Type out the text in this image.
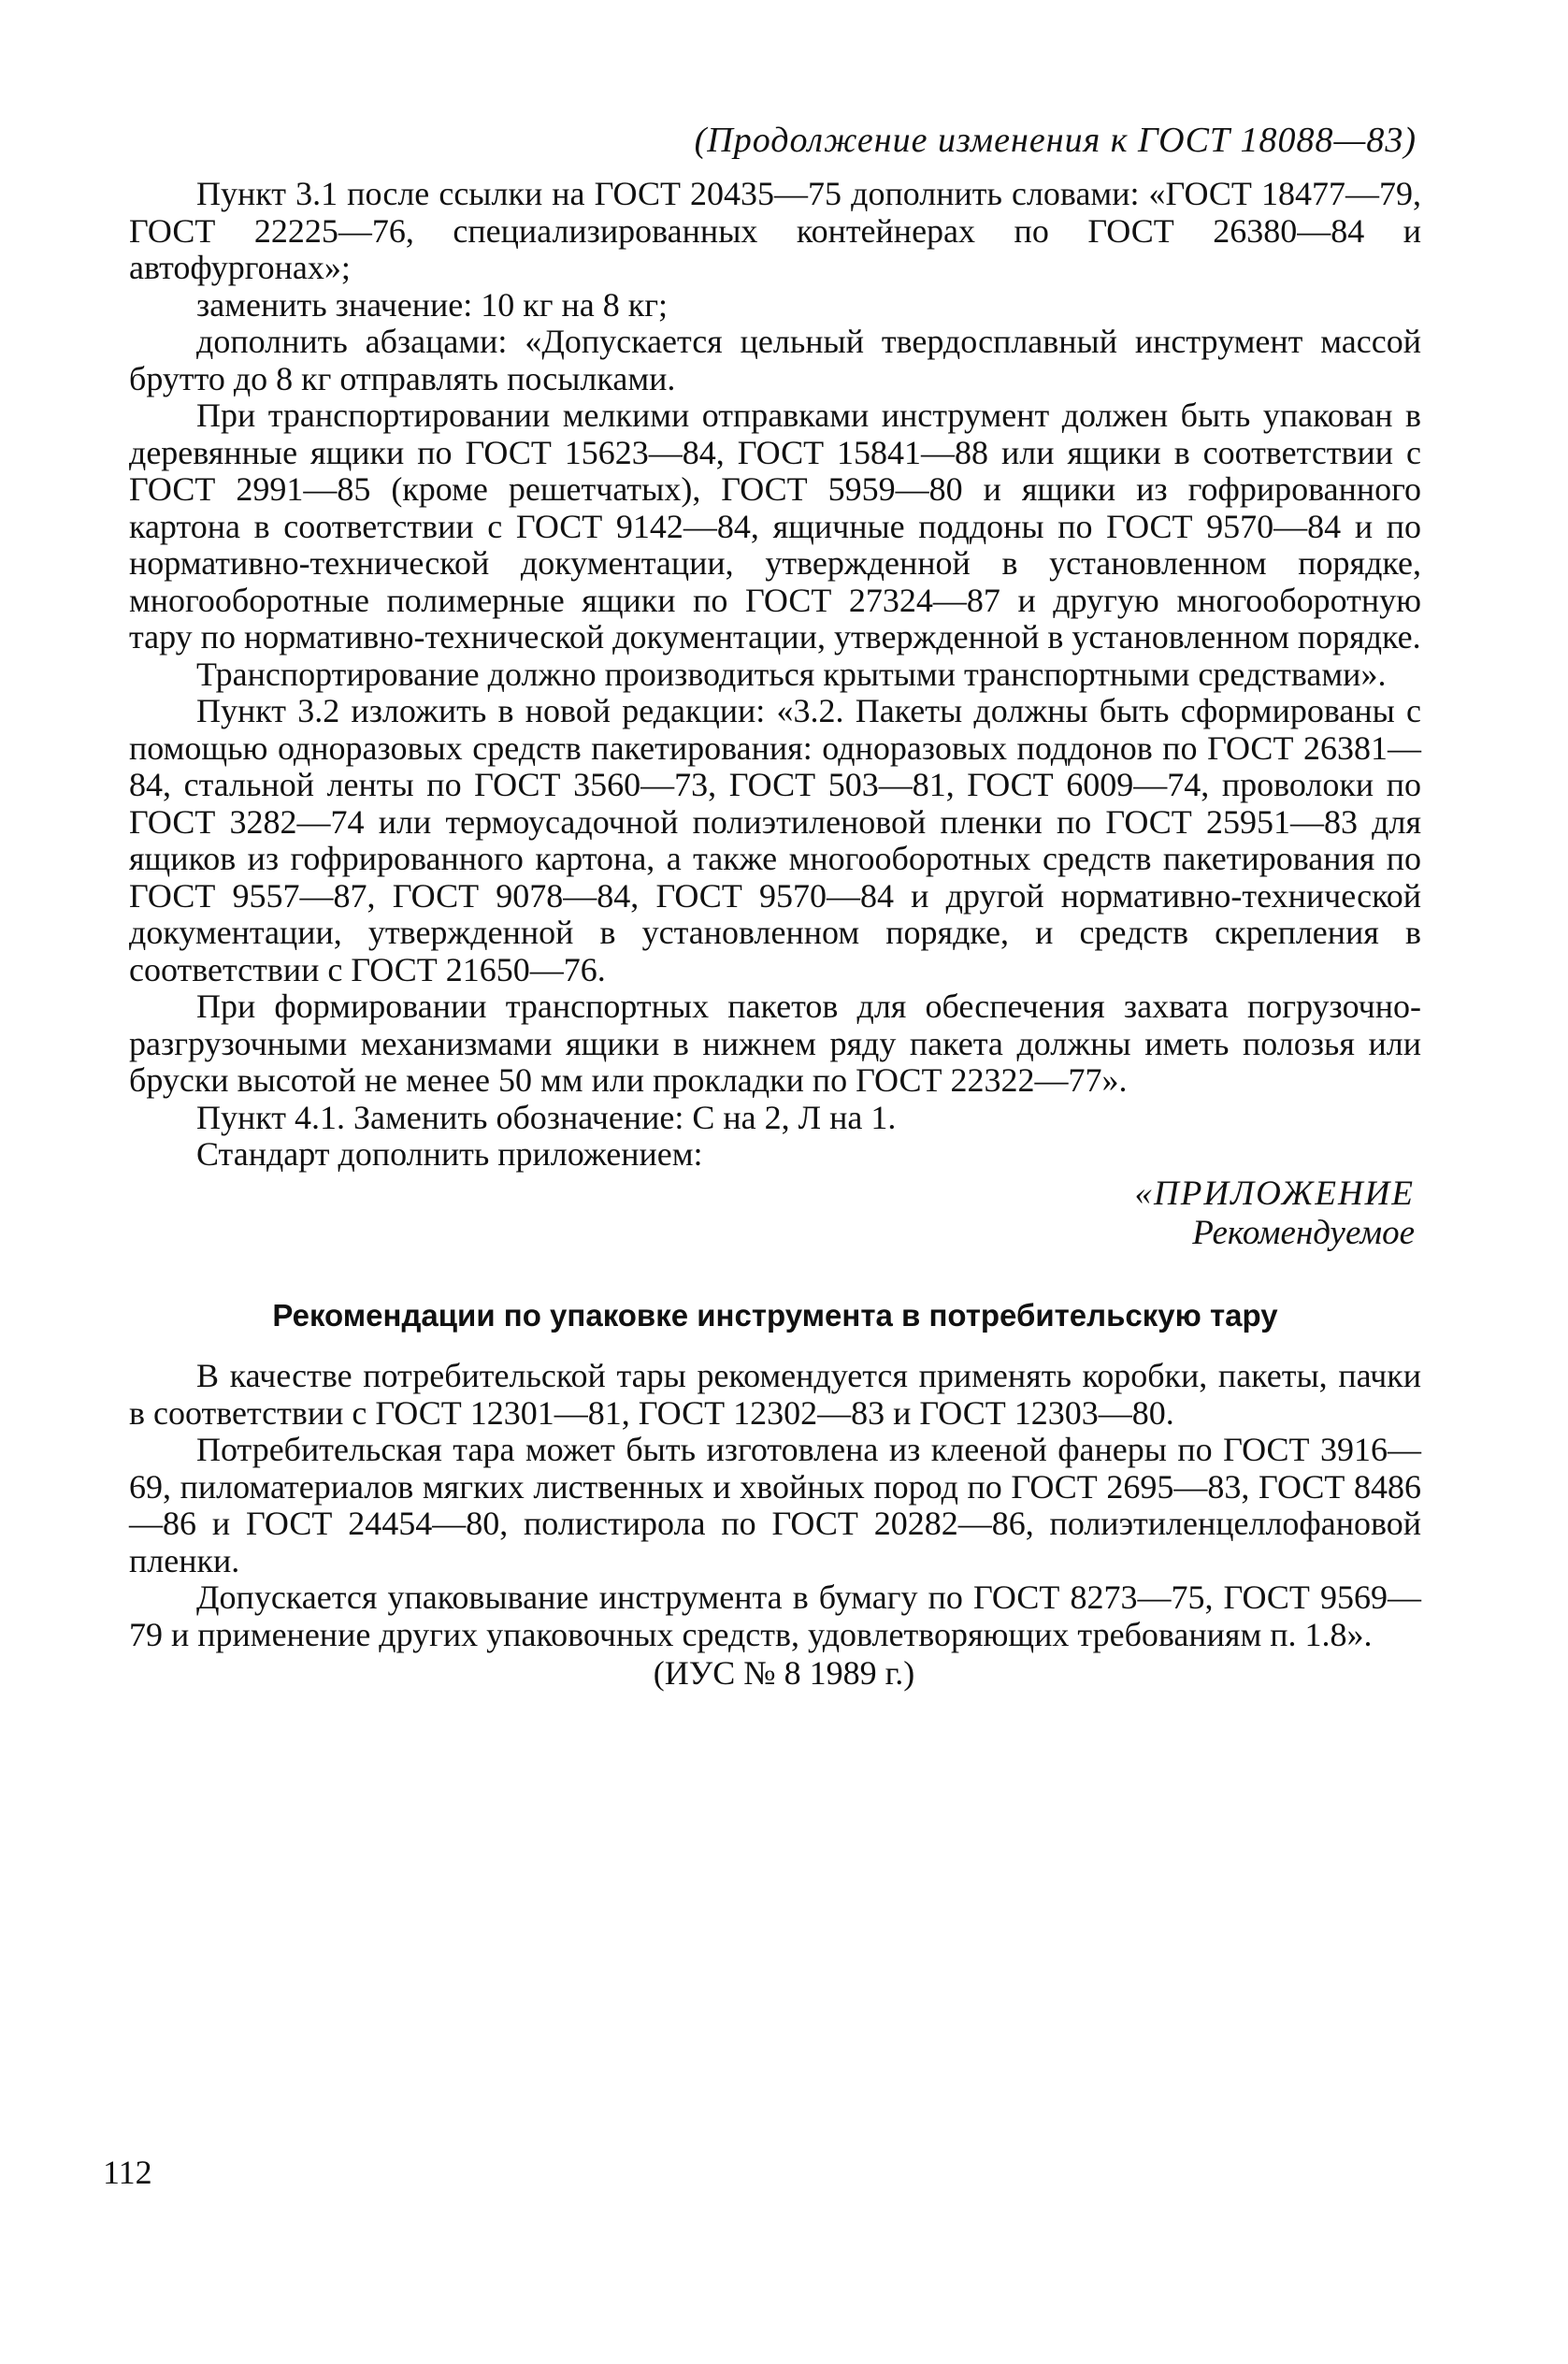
(Продолжение изменения к ГОСТ 18088—83)

Пункт 3.1 после ссылки на ГОСТ 20435—75 дополнить словами: «ГОСТ 18477—79, ГОСТ 22225—76, специализированных контейнерах по ГОСТ 26380—84 и автофургонах»;

заменить значение: 10 кг на 8 кг;

дополнить абзацами: «Допускается цельный твердосплавный инструмент массой брутто до 8 кг отправлять посылками.

При транспортировании мелкими отправками инструмент должен быть упакован в деревянные ящики по ГОСТ 15623—84, ГОСТ 15841—88 или ящики в соответствии с ГОСТ 2991—85 (кроме решетчатых), ГОСТ 5959—80 и ящики из гофрированного картона в соответствии с ГОСТ 9142—84, ящичные поддоны по ГОСТ 9570—84 и по нормативно-технической документации, утвержденной в установленном порядке, многооборотные полимерные ящики по ГОСТ 27324—87 и другую многооборотную тару по нормативно-технической документации, утвержденной в установленном порядке.

Транспортирование должно производиться крытыми транспортными средствами».

Пункт 3.2 изложить в новой редакции: «3.2. Пакеты должны быть сформированы с помощью одноразовых средств пакетирования: одноразовых поддонов по ГОСТ 26381—84, стальной ленты по ГОСТ 3560—73, ГОСТ 503—81, ГОСТ 6009—74, проволоки по ГОСТ 3282—74 или термоусадочной полиэтиленовой пленки по ГОСТ 25951—83 для ящиков из гофрированного картона, а также многооборотных средств пакетирования по ГОСТ 9557—87, ГОСТ 9078—84, ГОСТ 9570—84 и другой нормативно-технической документации, утвержденной в установленном порядке, и средств скрепления в соответствии с ГОСТ 21650—76.

При формировании транспортных пакетов для обеспечения захвата погрузочно-разгрузочными механизмами ящики в нижнем ряду пакета должны иметь полозья или бруски высотой не менее 50 мм или прокладки по ГОСТ 22322—77».

Пункт 4.1. Заменить обозначение: С на 2, Л на 1.

Стандарт дополнить приложением:

«ПРИЛОЖЕНИЕ
Рекомендуемое
Рекомендации по упаковке инструмента в потребительскую тару

В качестве потребительской тары рекомендуется применять коробки, пакеты, пачки в соответствии с ГОСТ 12301—81, ГОСТ 12302—83 и ГОСТ 12303—80.

Потребительская тара может быть изготовлена из клееной фанеры по ГОСТ 3916—69, пиломатериалов мягких лиственных и хвойных пород по ГОСТ 2695—83, ГОСТ 8486—86 и ГОСТ 24454—80, полистирола по ГОСТ 20282—86, полиэтиленцеллофановой пленки.

Допускается упаковывание инструмента в бумагу по ГОСТ 8273—75, ГОСТ 9569—79 и применение других упаковочных средств, удовлетворяющих требованиям п. 1.8».

(ИУС № 8 1989 г.)
112
